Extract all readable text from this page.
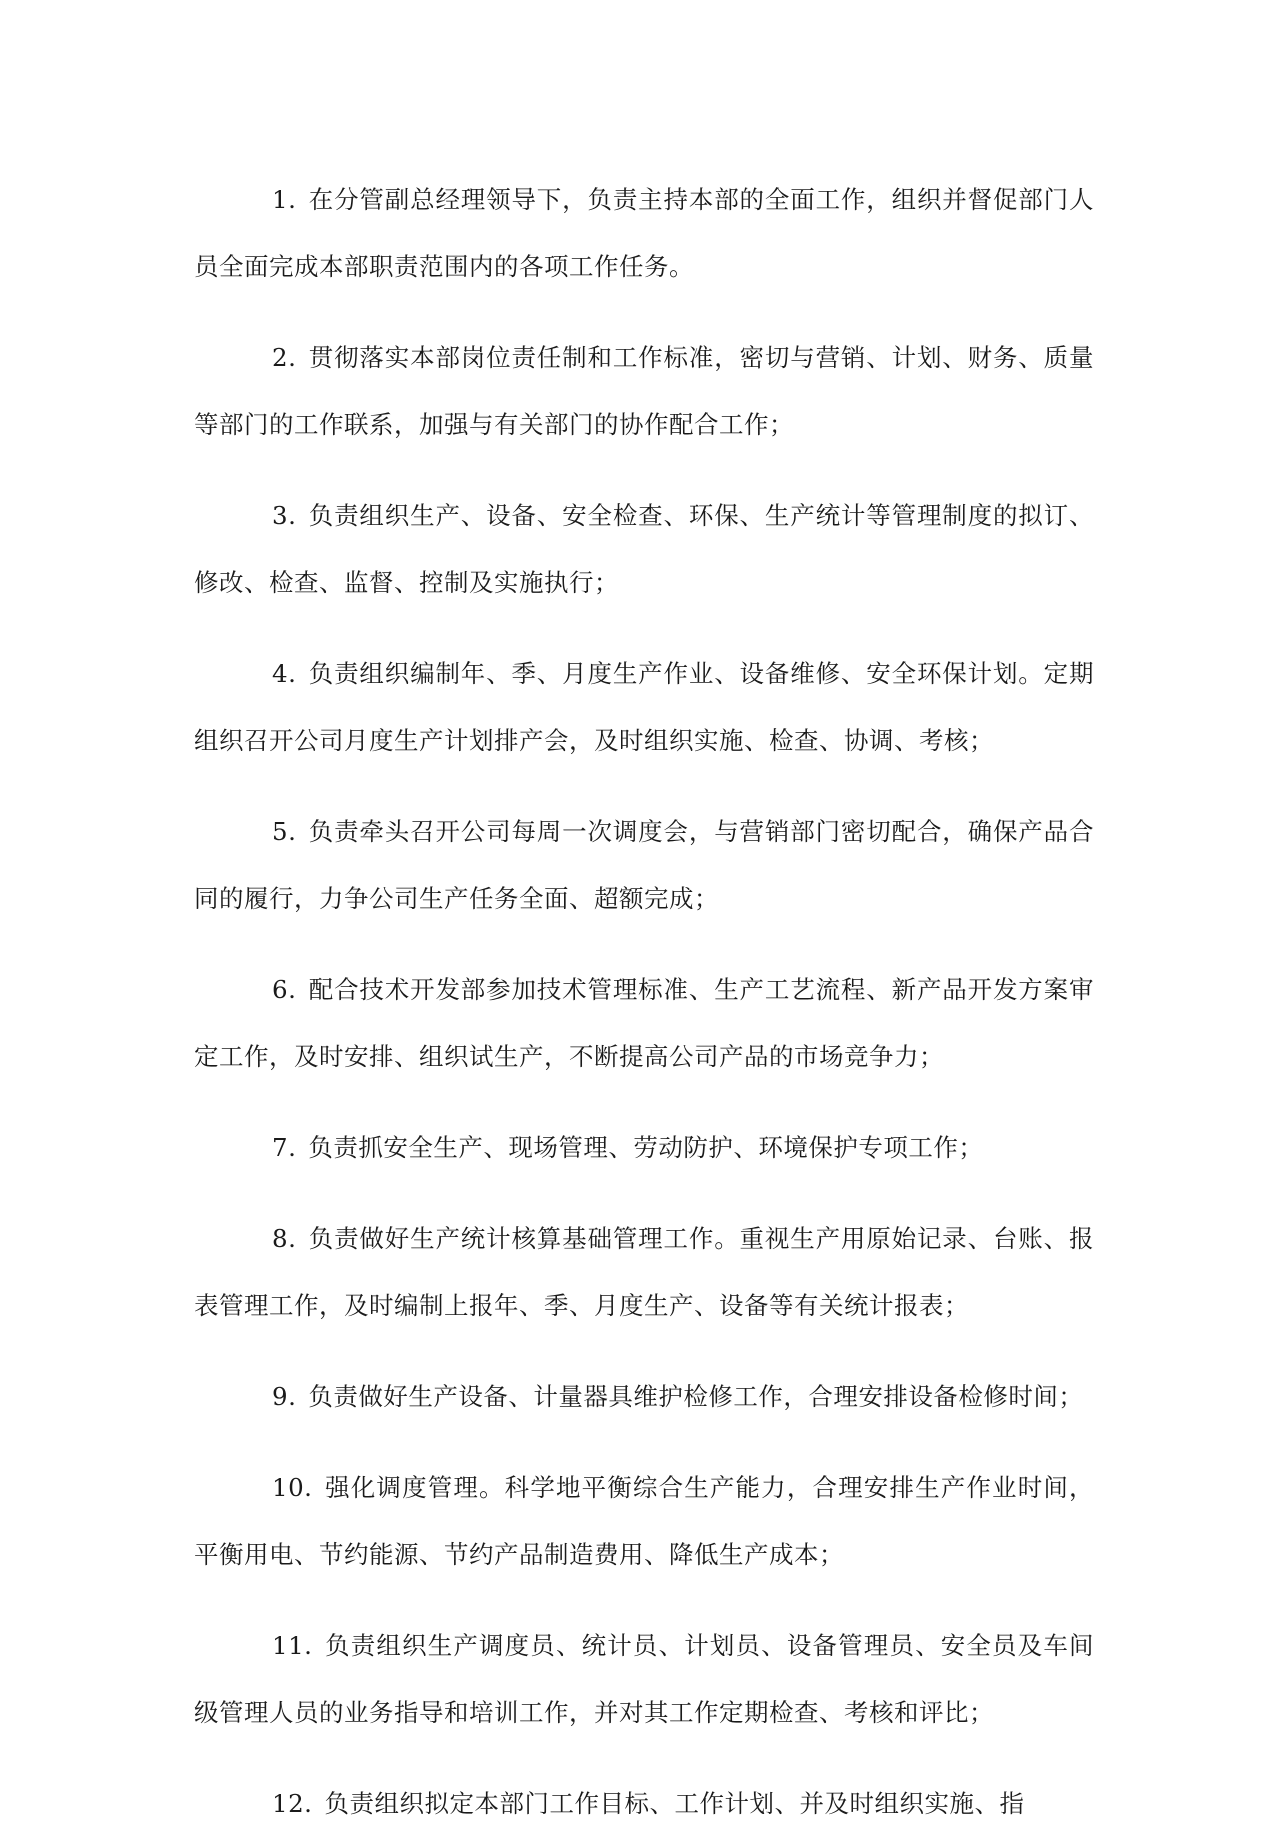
1. 在分管副总经理领导下，负责主持本部的全面工作，组织并督促部门人员全面完成本部职责范围内的各项工作任务。

2. 贯彻落实本部岗位责任制和工作标准，密切与营销、计划、财务、质量等部门的工作联系，加强与有关部门的协作配合工作；

3. 负责组织生产、设备、安全检查、环保、生产统计等管理制度的拟订、修改、检查、监督、控制及实施执行；

4. 负责组织编制年、季、月度生产作业、设备维修、安全环保计划。定期组织召开公司月度生产计划排产会，及时组织实施、检查、协调、考核；

5. 负责牵头召开公司每周一次调度会，与营销部门密切配合，确保产品合同的履行，力争公司生产任务全面、超额完成；

6. 配合技术开发部参加技术管理标准、生产工艺流程、新产品开发方案审定工作，及时安排、组织试生产，不断提高公司产品的市场竞争力；

7. 负责抓安全生产、现场管理、劳动防护、环境保护专项工作；

8. 负责做好生产统计核算基础管理工作。重视生产用原始记录、台账、报表管理工作，及时编制上报年、季、月度生产、设备等有关统计报表；

9. 负责做好生产设备、计量器具维护检修工作，合理安排设备检修时间；

10. 强化调度管理。科学地平衡综合生产能力，合理安排生产作业时间，平衡用电、节约能源、节约产品制造费用、降低生产成本；

11. 负责组织生产调度员、统计员、计划员、设备管理员、安全员及车间级管理人员的业务指导和培训工作，并对其工作定期检查、考核和评比；

12. 负责组织拟定本部门工作目标、工作计划、并及时组织实施、指
